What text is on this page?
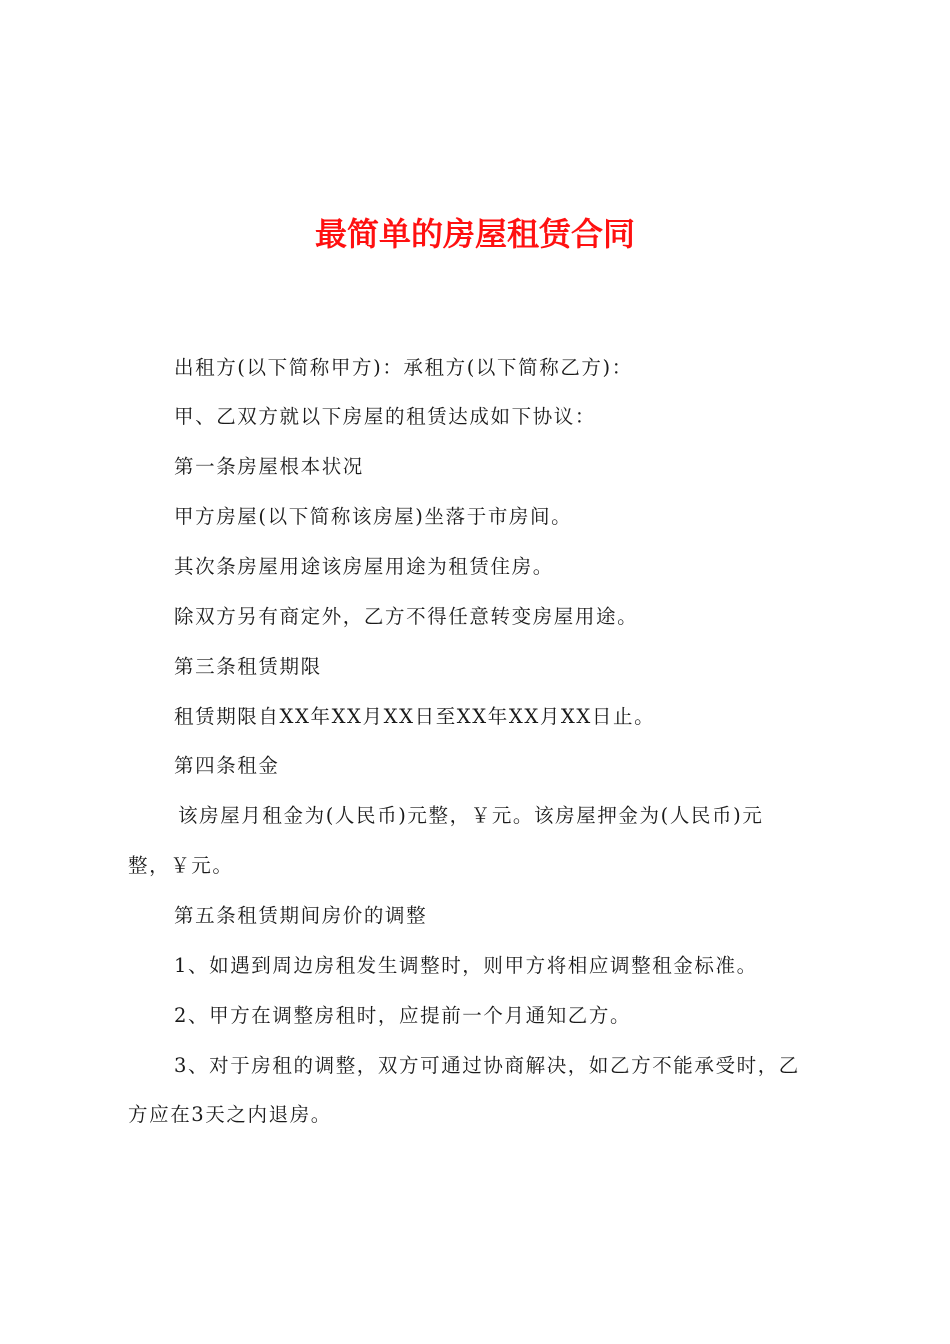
最简单的房屋租赁合同

出租方(以下简称甲方)：承租方(以下简称乙方)：

甲、乙双方就以下房屋的租赁达成如下协议：

第一条房屋根本状况

甲方房屋(以下简称该房屋)坐落于市房间。

其次条房屋用途该房屋用途为租赁住房。

除双方另有商定外，乙方不得任意转变房屋用途。

第三条租赁期限

租赁期限自XX年XX月XX日至XX年XX月XX日止。

第四条租金

该房屋月租金为(人民币)元整，￥元。该房屋押金为(人民币)元

整，￥元。

第五条租赁期间房价的调整

1、如遇到周边房租发生调整时，则甲方将相应调整租金标准。

2、甲方在调整房租时，应提前一个月通知乙方。

3、对于房租的调整，双方可通过协商解决，如乙方不能承受时，乙

方应在3天之内退房。
